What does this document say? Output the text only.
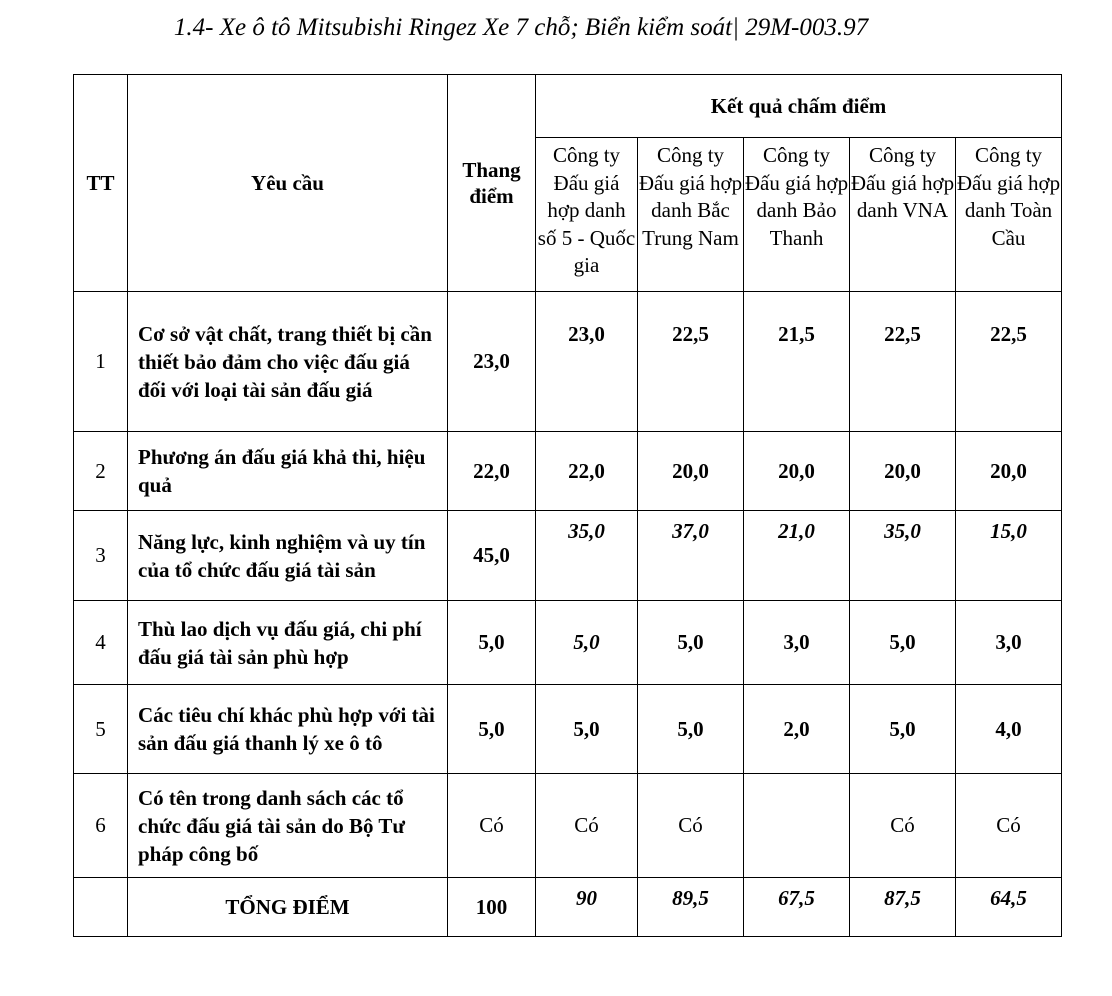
1.4- Xe ô tô Mitsubishi Ringez Xe 7 chỗ; Biển kiểm soát| 29M-003.97
TT	Yêu cầu	Thang điểm	Kết quả chấm điểm				
			Công ty Đấu giá hợp danh số 5 - Quốc gia	Công ty Đấu giá hợp danh Bắc Trung Nam	Công ty Đấu giá hợp danh Bảo Thanh	Công ty Đấu giá hợp danh VNA	Công ty Đấu giá hợp danh Toàn Cầu
1	Cơ sở vật chất, trang thiết bị cần thiết bảo đảm cho việc đấu giá đối với loại tài sản đấu giá	23,0	23,0	22,5	21,5	22,5	22,5
2	Phương án đấu giá khả thi, hiệu quả	22,0	22,0	20,0	20,0	20,0	20,0
3	Năng lực, kinh nghiệm và uy tín của tổ chức đấu giá tài sản	45,0	35,0	37,0	21,0	35,0	15,0
4	Thù lao dịch vụ đấu giá, chi phí đấu giá tài sản phù hợp	5,0	5,0	5,0	3,0	5,0	3,0
5	Các tiêu chí khác phù hợp với tài sản đấu giá thanh lý xe ô tô	5,0	5,0	5,0	2,0	5,0	4,0
6	Có tên trong danh sách các tổ chức đấu giá tài sản do Bộ Tư pháp công bố	Có	Có	Có		Có	Có
	TỔNG ĐIỂM	100	90	89,5	67,5	87,5	64,5
